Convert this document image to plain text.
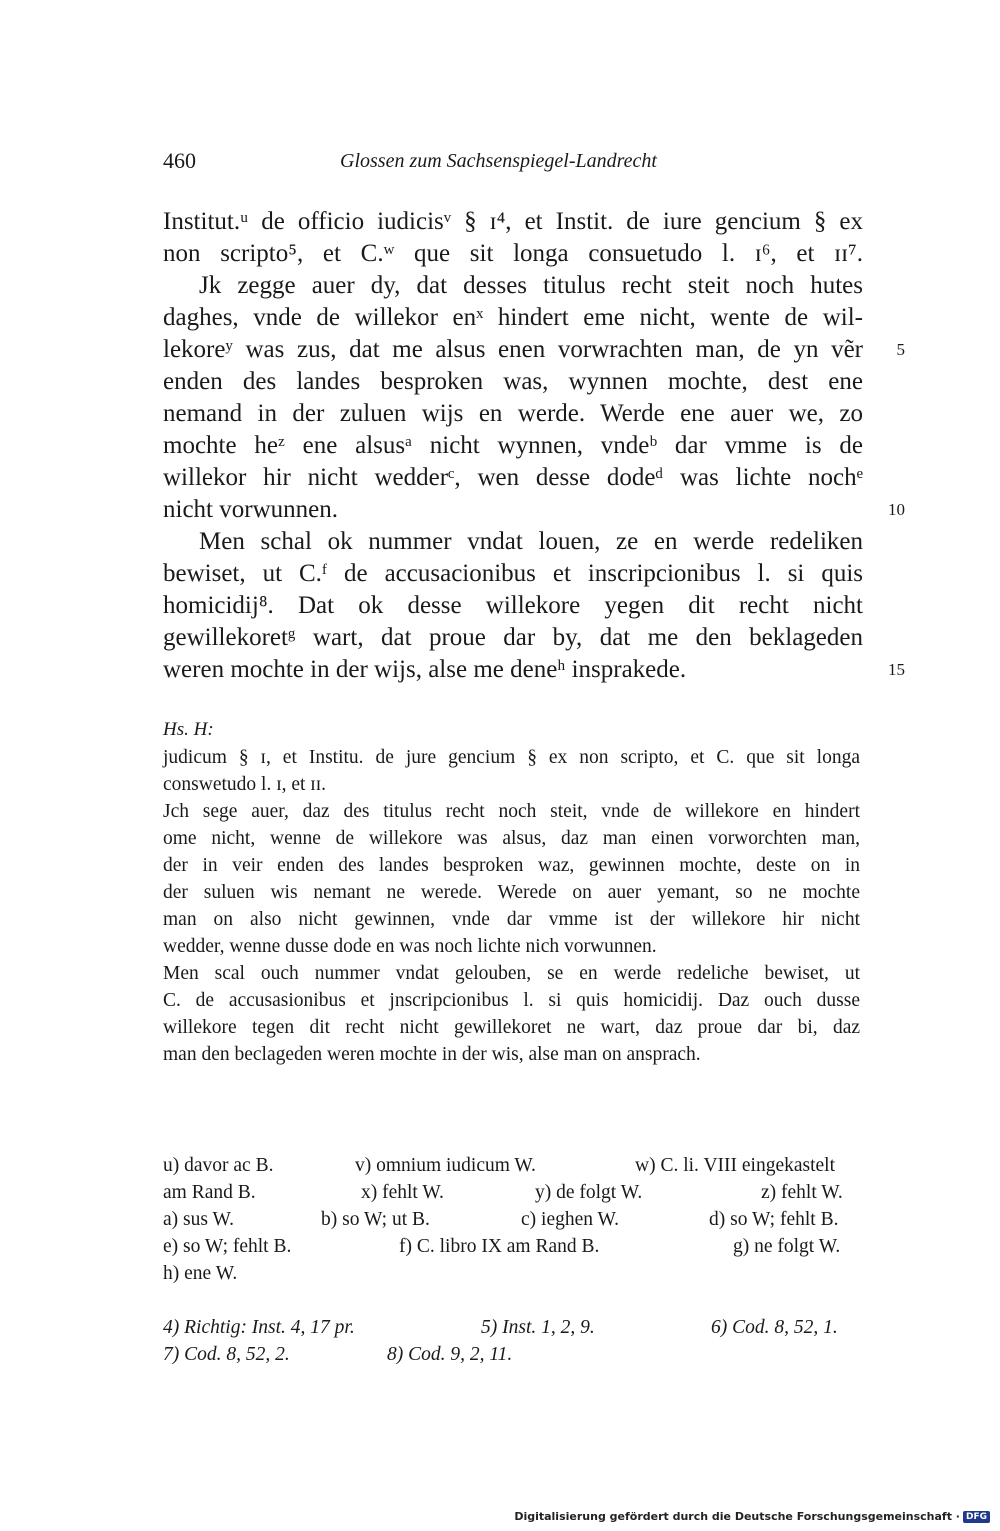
460	Glossen zum Sachsenspiegel-Landrecht
Institut.ᵘ de officio iudicisᵛ § ɪ⁴, et Instit. de iure gencium § ex
non scripto⁵, et C.ʷ que sit longa consuetudo l. ɪ⁶, et ɪɪ⁷.
Jk zegge auer dy, dat desses titulus recht steit noch hutes
daghes, vnde de willekor enˣ hindert eme nicht, wente de wil-
lekoreʸ was zus, dat me alsus enen vorwrachten man, de yn vẽr	5
enden des landes besproken was, wynnen mochte, dest ene
nemand in der zuluen wijs en werde. Werde ene auer we, zo
mochte heᶻ ene alsusᵃ nicht wynnen, vndeᵇ dar vmme is de
willekor hir nicht wedderᶜ, wen desse dodeᵈ was lichte nochᵉ
nicht vorwunnen.	10
Men schal ok nummer vndat louen, ze en werde redeliken
bewiset, ut C.ᶠ de accusacionibus et inscripcionibus l. si quis
homicidij⁸. Dat ok desse willekore yegen dit recht nicht
gewillekoretᵍ wart, dat proue dar by, dat me den beklageden
weren mochte in der wijs, alse me deneʰ insprakede.	15
Hs. H:
judicum § ɪ, et Institu. de jure gencium § ex non scripto, et C. que sit longa
conswetudo l. ɪ, et ɪɪ.
Jch sege auer, daz des titulus recht noch steit, vnde de willekore en hindert
ome nicht, wenne de willekore was alsus, daz man einen vorworchten man,
der in veir enden des landes besproken waz, gewinnen mochte, deste on in
der suluen wis nemant ne werede. Werede on auer yemant, so ne mochte
man on also nicht gewinnen, vnde dar vmme ist der willekore hir nicht
wedder, wenne dusse dode en was noch lichte nich vorwunnen.
Men scal ouch nummer vndat gelouben, se en werde redeliche bewiset, ut
C. de accusasionibus et jnscripcionibus l. si quis homicidij. Daz ouch dusse
willekore tegen dit recht nicht gewillekoret ne wart, daz proue dar bi, daz
man den beclageden weren mochte in der wis, alse man on ansprach.
u) davor ac B.	v) omnium iudicum W.	w) C. li. VIII eingekastelt
am Rand B.	x) fehlt W.	y) de folgt W.	z) fehlt W.
a) sus W.	b) so W; ut B.	c) ieghen W.	d) so W; fehlt B.
e) so W; fehlt B.	f) C. libro IX am Rand B.	g) ne folgt W.
h) ene W.
4) Richtig: Inst. 4, 17 pr.	5) Inst. 1, 2, 9.	6) Cod. 8, 52, 1.
7) Cod. 8, 52, 2.	8) Cod. 9, 2, 11.
Digitalisierung gefördert durch die Deutsche Forschungsgemeinschaft · DFG
